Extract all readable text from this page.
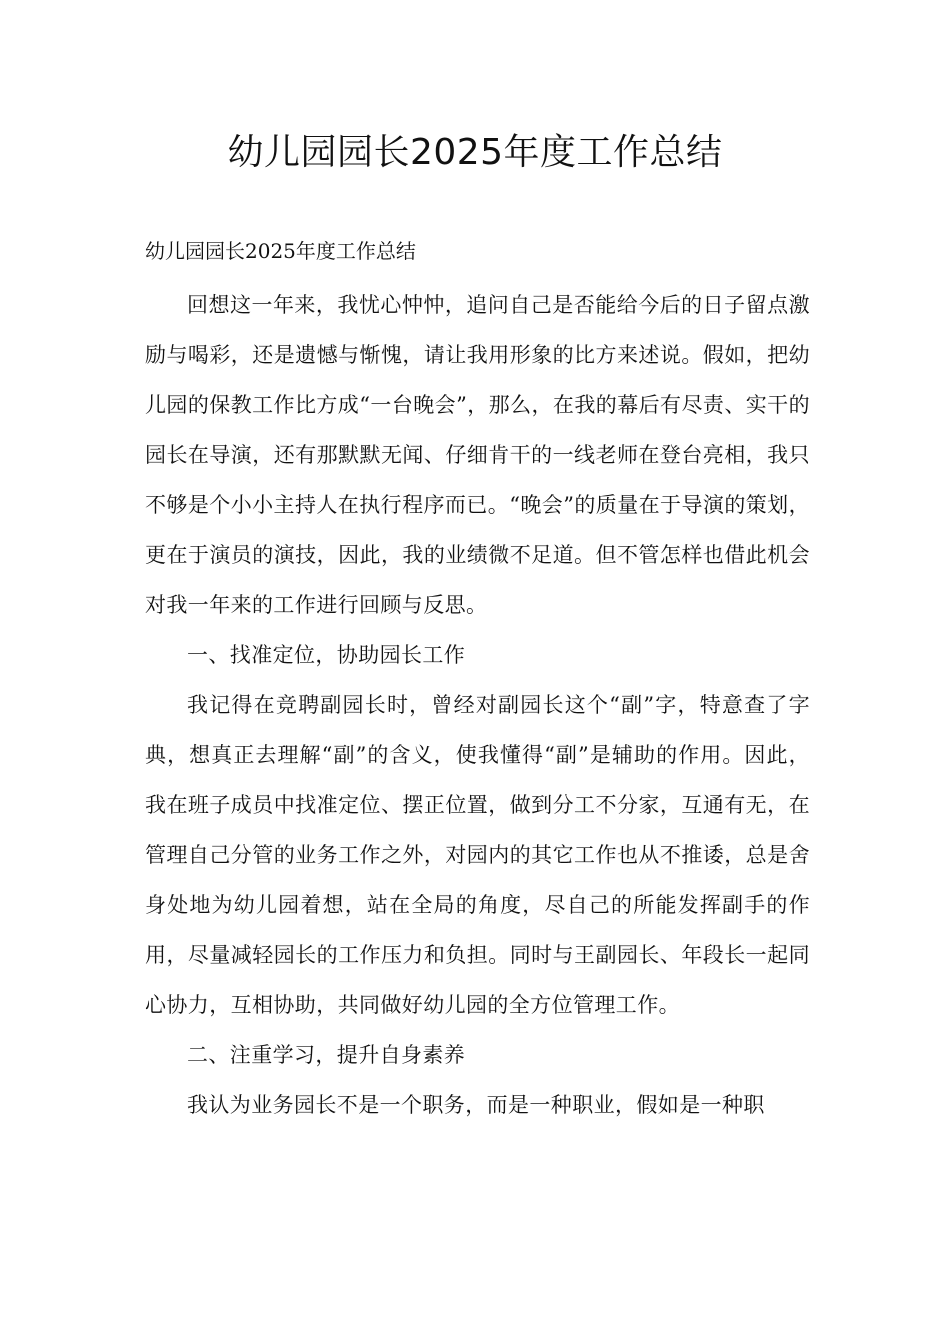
幼儿园园长2025年度工作总结

幼儿园园长2025年度工作总结

回想这一年来，我忧心忡忡，追问自己是否能给今后的日子留点激励与喝彩，还是遗憾与惭愧，请让我用形象的比方来述说。假如，把幼儿园的保教工作比方成“一台晚会”，那么，在我的幕后有尽责、实干的园长在导演，还有那默默无闻、仔细肯干的一线老师在登台亮相，我只不够是个小小主持人在执行程序而已。“晚会”的质量在于导演的策划，更在于演员的演技，因此，我的业绩微不足道。但不管怎样也借此机会对我一年来的工作进行回顾与反思。

一、找准定位，协助园长工作

我记得在竞聘副园长时，曾经对副园长这个“副”字，特意查了字典，想真正去理解“副”的含义，使我懂得“副”是辅助的作用。因此，我在班子成员中找准定位、摆正位置，做到分工不分家，互通有无，在管理自己分管的业务工作之外，对园内的其它工作也从不推诿，总是舍身处地为幼儿园着想，站在全局的角度，尽自己的所能发挥副手的作用，尽量减轻园长的工作压力和负担。同时与王副园长、年段长一起同心协力，互相协助，共同做好幼儿园的全方位管理工作。

二、注重学习，提升自身素养

我认为业务园长不是一个职务，而是一种职业，假如是一种职
